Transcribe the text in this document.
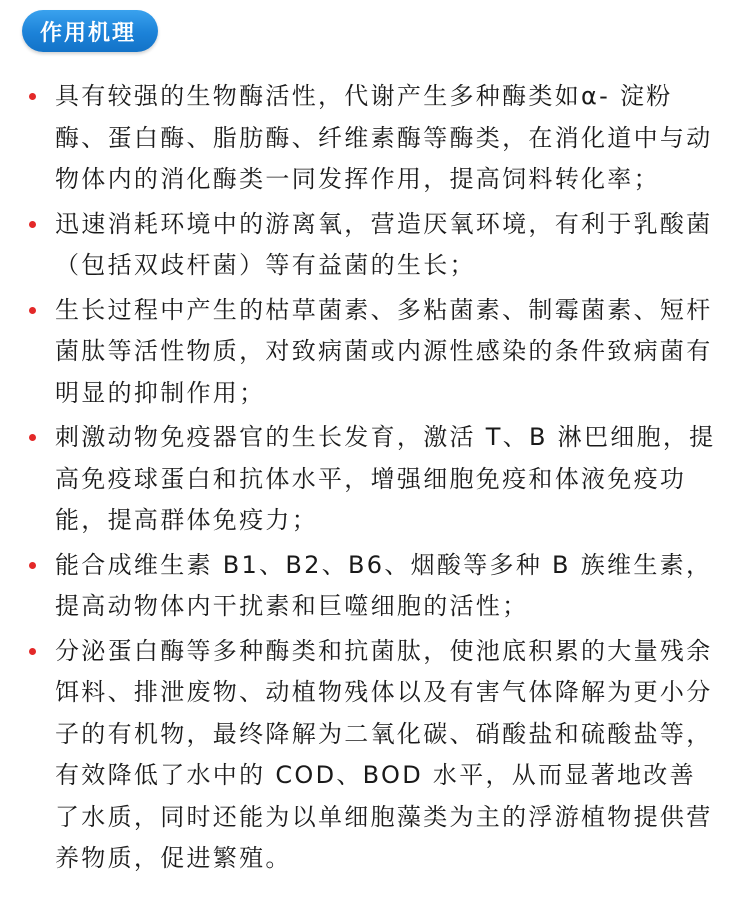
作用机理
具有较强的生物酶活性，代谢产生多种酶类如α- 淀粉酶、蛋白酶、脂肪酶、纤维素酶等酶类，在消化道中与动物体内的消化酶类一同发挥作用，提高饲料转化率；
迅速消耗环境中的游离氧，营造厌氧环境，有利于乳酸菌（包括双歧杆菌）等有益菌的生长；
生长过程中产生的枯草菌素、多粘菌素、制霉菌素、短杆菌肽等活性物质，对致病菌或内源性感染的条件致病菌有明显的抑制作用；
刺激动物免疫器官的生长发育，激活 T、B 淋巴细胞，提高免疫球蛋白和抗体水平，增强细胞免疫和体液免疫功能，提高群体免疫力；
能合成维生素 B1、B2、B6、烟酸等多种 B 族维生素，提高动物体内干扰素和巨噬细胞的活性；
分泌蛋白酶等多种酶类和抗菌肽，使池底积累的大量残余饵料、排泄废物、动植物残体以及有害气体降解为更小分子的有机物，最终降解为二氧化碳、硝酸盐和硫酸盐等，有效降低了水中的 COD、BOD 水平，从而显著地改善了水质，同时还能为以单细胞藻类为主的浮游植物提供营养物质，促进繁殖。
